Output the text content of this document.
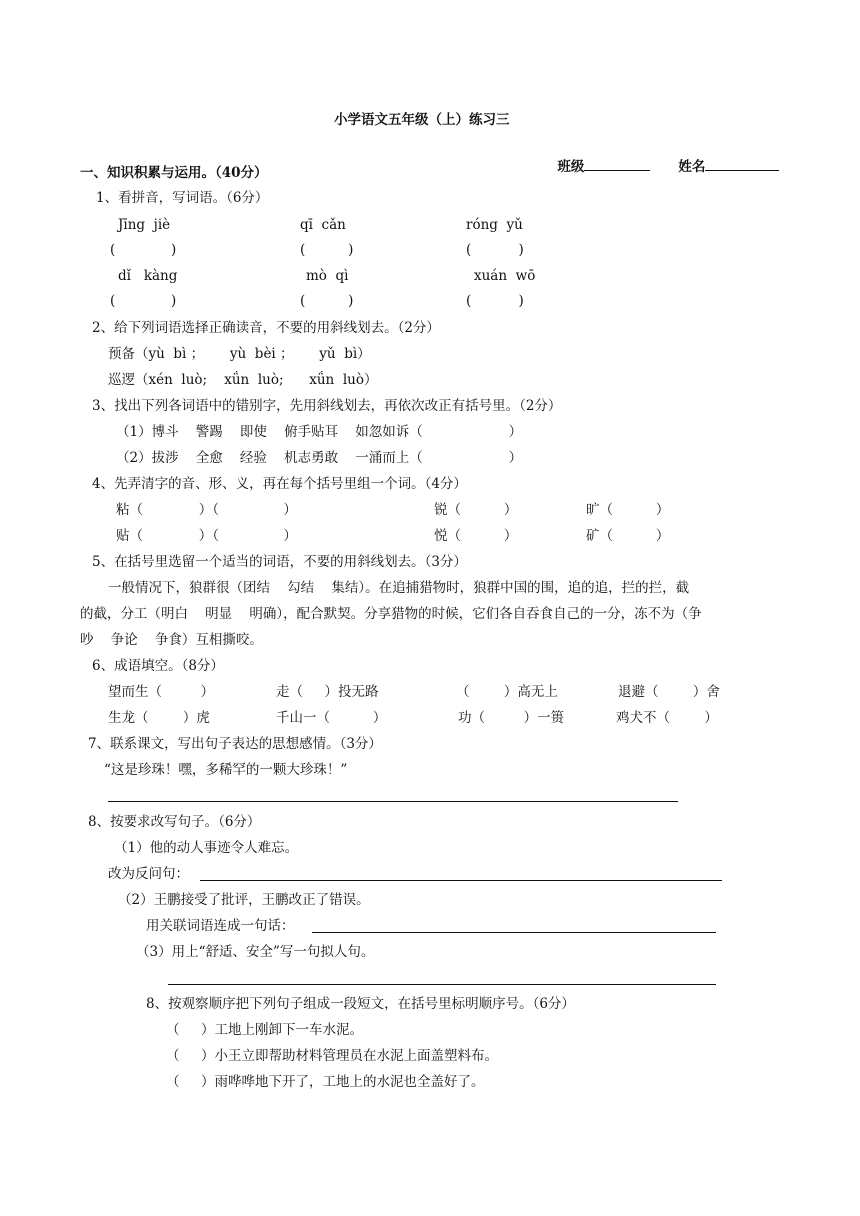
小学语文五年级（上）练习三

班级	姓名

一、知识积累与运用。（40分）
1、看拼音，写词语。（6分）
Jīng  jiè	qī  cǎn	róng  yǔ
(             )	(          )	(           )
dǐ   kàng	mò  qì	xuán  wō
(             )	(          )	(           )
2、给下列词语选择正确读音，不要的用斜线划去。（2分）
预备（yù  bì ；      yù  bèi ；      yǔ  bì）
巡逻（xén  luò;    xǘn  luò;      xǘn  luò）
3、找出下列各词语中的错别字，先用斜线划去，再依次改正有括号里。（2分）
（1）博斗    警踢    即使    俯手贴耳    如忽如诉（                    ）
（2）拔涉    全愈    经验    机志勇敢    一涌而上（                    ）
4、先弄清字的音、形、义，再在每个括号里组一个词。（4分）
粘（             ）（               ）	锐（          ）	旷（          ）
贴（             ）（               ）	悦（          ）	矿（          ）
5、在括号里选留一个适当的词语，不要的用斜线划去。（3分）
一般情况下，狼群很（团结    勾结    集结）。在追捕猎物时，狼群中国的围，追的追，拦的拦，截
的截，分工（明白    明显    明确），配合默契。分享猎物的时候，它们各自吞食自己的一分，冻不为（争
吵    争论    争食）互相撕咬。
6、成语填空。（8分）
望而生（         ）	走（     ）投无路	（        ）高无上	退避（        ）舍
生龙（        ）虎	千山一（          ）	功（         ）一篑	鸡犬不（        ）
7、联系课文，写出句子表达的思想感情。（3分）
“这是珍珠！嘿，多稀罕的一颗大珍珠！”
8、按要求改写句子。（6分）
（1）他的动人事迹令人难忘。
改为反问句：
（2）王鹏接受了批评，王鹏改正了错误。
用关联词语连成一句话：
（3）用上“舒适、安全”写一句拟人句。
8、按观察顺序把下列句子组成一段短文，在括号里标明顺序号。（6分）
（     ）工地上刚卸下一车水泥。
（     ）小王立即帮助材料管理员在水泥上面盖塑料布。
（     ）雨哗哗地下开了，工地上的水泥也全盖好了。
